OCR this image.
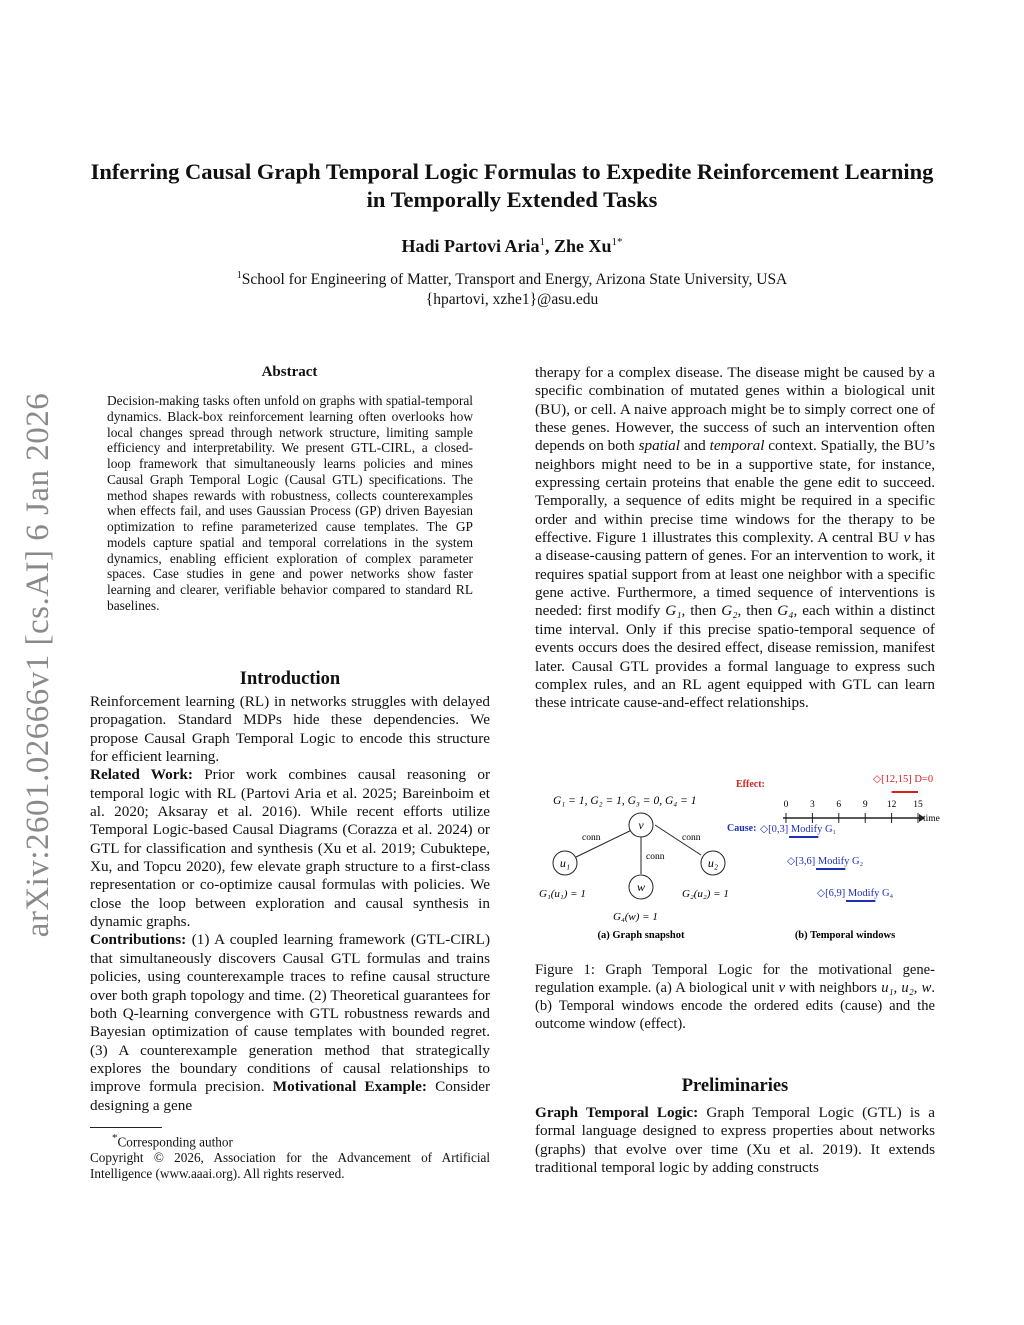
arXiv:2601.02666v1 [cs.AI] 6 Jan 2026
Inferring Causal Graph Temporal Logic Formulas to Expedite Reinforcement Learning in Temporally Extended Tasks
Hadi Partovi Aria$^1$, Zhe $Xu^{1*}$
$^1$School for Engineering of Matter, Transport and Energy, Arizona State University, USA
{hpartovi, xzhe1}@asu.edu
Abstract
Decision-making tasks often unfold on graphs with spatial-temporal dynamics. Black-box reinforcement learning often overlooks how local changes spread through network structure, limiting sample efficiency and interpretability. We present GTL-CIRL, a closed-loop framework that simultaneously learns policies and mines Causal Graph Temporal Logic (Causal GTL) specifications. The method shapes rewards with robustness, collects counterexamples when effects fail, and uses Gaussian Process (GP) driven Bayesian optimization to refine parameterized cause templates. The GP models capture spatial and temporal correlations in the system dynamics, enabling efficient exploration of complex parameter spaces. Case studies in gene and power networks show faster learning and clearer, verifiable behavior compared to standard RL baselines.
Introduction

Reinforcement learning (RL) in networks struggles with delayed propagation. Standard MDPs hide these dependencies. We propose Causal Graph Temporal Logic to encode this structure for efficient learning.

Related Work: Prior work combines causal reasoning or temporal logic with RL (Partovi Aria et al. 2025; Bareinboim et al. 2020; Aksaray et al. 2016). While recent efforts utilize Temporal Logic-based Causal Diagrams (Corazza et al. 2024) or GTL for classification and synthesis (Xu et al. 2019; Cubuktepe, Xu, and Topcu 2020), few elevate graph structure to a first-class representation or co-optimize causal formulas with policies. We close the loop between exploration and causal synthesis in dynamic graphs.

Contributions: (1) A coupled learning framework (GTL-CIRL) that simultaneously discovers Causal GTL formulas and trains policies, using counterexample traces to refine causal structure over both graph topology and time. (2) Theoretical guarantees for both Q-learning convergence with GTL robustness rewards and Bayesian optimization of cause templates with bounded regret. (3) A counterexample generation method that strategically explores the boundary conditions of causal relationships to improve formula precision. Motivational Example: Consider designing a gene

*Corresponding author
Copyright © 2026, Association for the Advancement of Artificial Intelligence (www.aaai.org). All rights reserved.
therapy for a complex disease. The disease might be caused by a specific combination of mutated genes within a biological unit (BU), or cell. A naive approach might be to simply correct one of these genes. However, the success of such an intervention often depends on both spatial and temporal context. Spatially, the BU’s neighbors might need to be in a supportive state, for instance, expressing certain proteins that enable the gene edit to succeed. Temporally, a sequence of edits might be required in a specific order and within precise time windows for the therapy to be effective. Figure 1 illustrates this complexity. A central BU v has a disease-causing pattern of genes. For an intervention to work, it requires spatial support from at least one neighbor with a specific gene active. Furthermore, a timed sequence of interventions is needed: first modify G₁, then G₂, then G₄, each within a distinct time interval. Only if this precise spatio-temporal sequence of events occurs does the desired effect, disease remission, manifest later. Causal GTL provides a formal language to express such complex rules, and an RL agent equipped with GTL can learn these intricate cause-and-effect relationships.
G₁ = 1, G₂ = 1, G₃ = 0, G₄ = 1
v
u₁	u₂
w
conn	conn
conn
G₁(u₁) = 1	G₂(u₂) = 1
G₄(w) = 1
(a) Graph snapshot
Effect:	◇[12,15] D=0
0 3 6 9 12 15
time
Cause: ◇[0,3] Modify G₁
◇[3,6] Modify G₂
◇[6,9] Modify G₄
(b) Temporal windows
Figure 1: Graph Temporal Logic for the motivational gene-regulation example. (a) A biological unit v with neighbors u₁, u₂, w. (b) Temporal windows encode the ordered edits (cause) and the outcome window (effect).
Preliminaries
Graph Temporal Logic: Graph Temporal Logic (GTL) is a formal language designed to express properties about networks (graphs) that evolve over time (Xu et al. 2019). It extends traditional temporal logic by adding constructs
